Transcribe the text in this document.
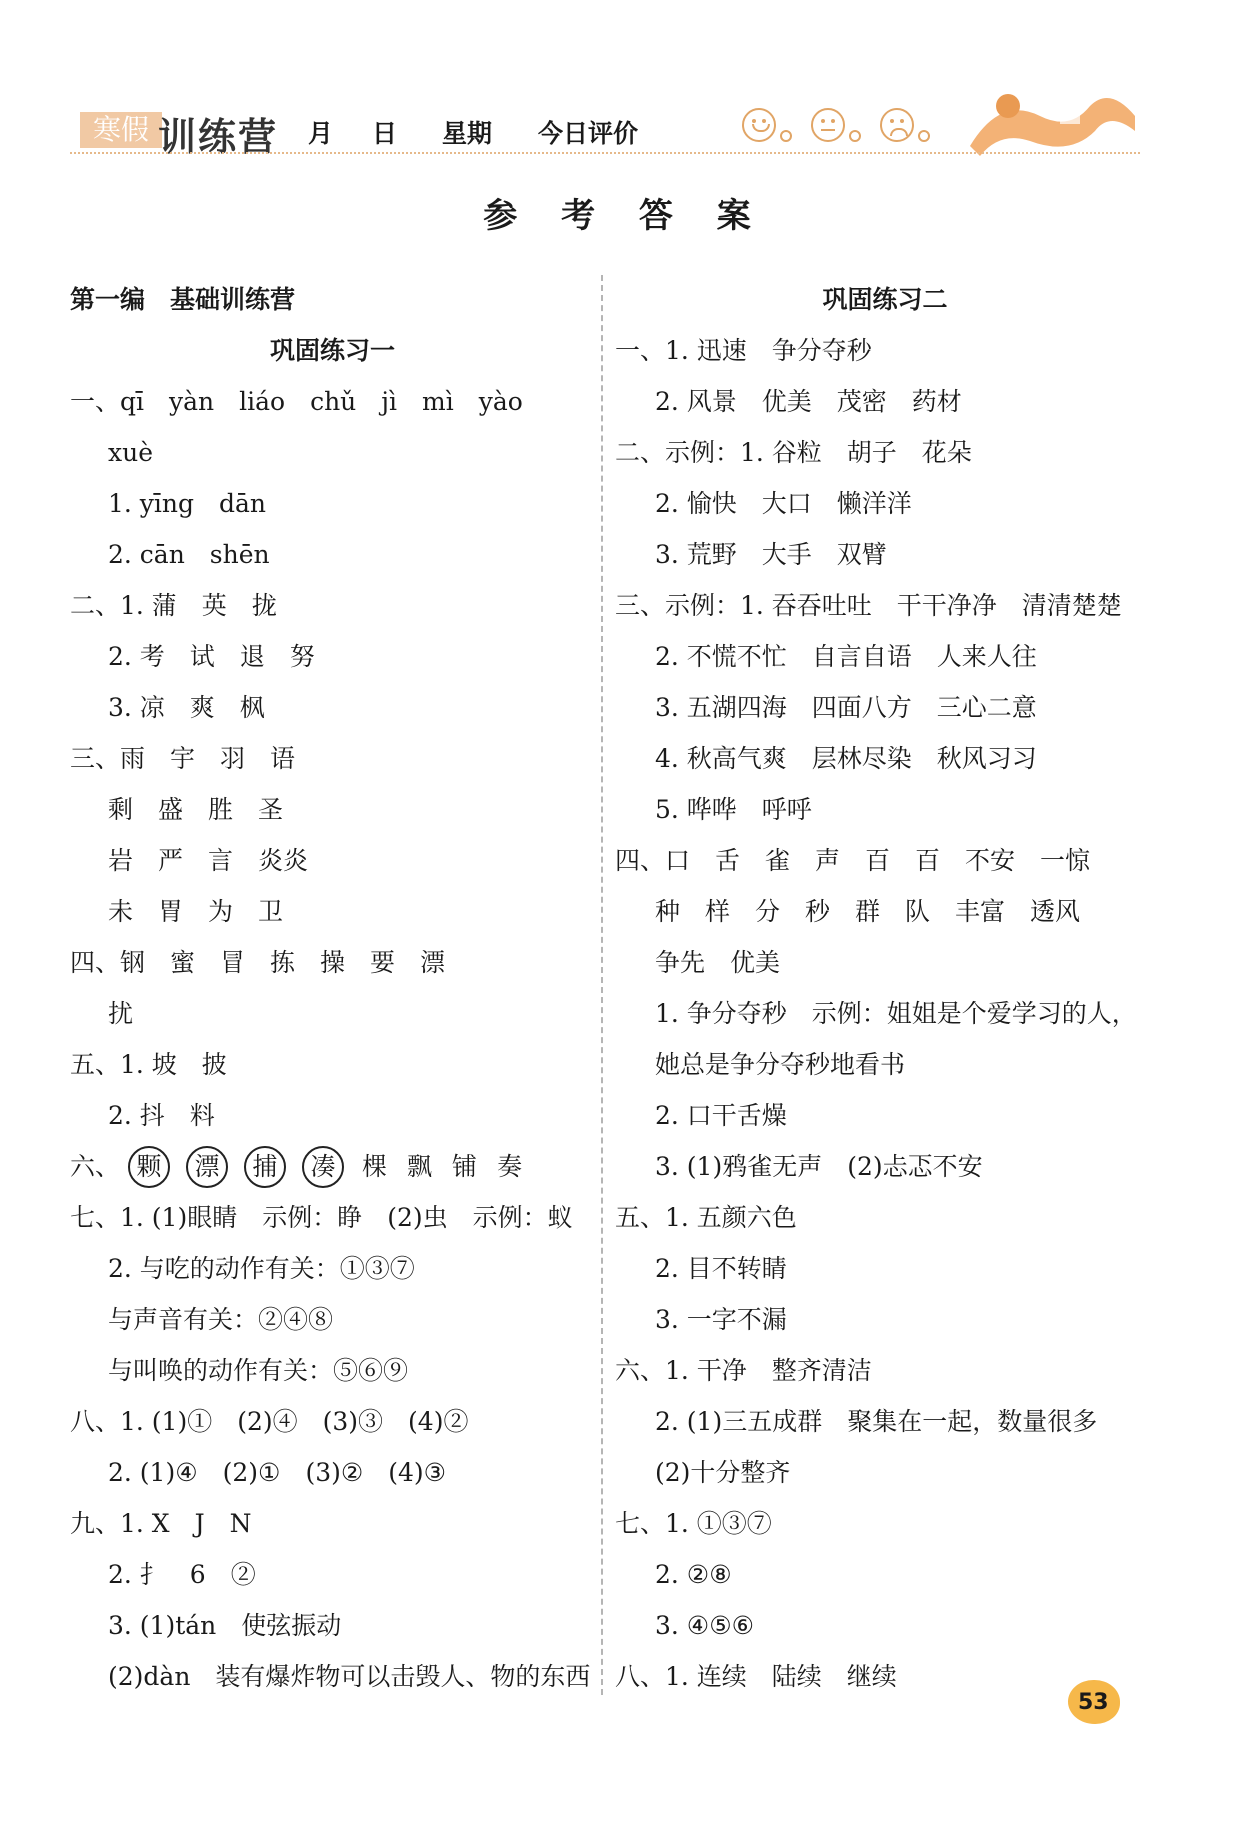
寒假 训练营 月 日 星期 今日评价

参 考 答 案
第一编　基础训练营
巩固练习一
一、qī　yàn　liáo　chǔ　jì　mì　yào
xuè
1. yīng　dān
2. cān　shēn
二、1. 蒲　英　拢
2. 考　试　退　努
3. 凉　爽　枫
三、雨　宇　羽　语
剩　盛　胜　圣
岩　严　言　炎炎
未　胃　为　卫
四、钢　蜜　冒　拣　操　要　漂
扰
五、1. 坡　披
2. 抖　料
六、 颗 漂 捕 凑 棵 飘 铺 奏
七、1. (1)眼睛　示例：睁　(2)虫　示例：蚁
2. 与吃的动作有关：①③⑦
与声音有关：②④⑧
与叫唤的动作有关：⑤⑥⑨
八、1. (1)①　(2)④　(3)③　(4)②
2. (1)④　(2)①　(3)②　(4)③
九、1. X　J　N
2. 扌　6　②
3. (1)tán　使弦振动
(2)dàn　装有爆炸物可以击毁人、物的东西
巩固练习二
一、1. 迅速　争分夺秒
2. 风景　优美　茂密　药材
二、示例：1. 谷粒　胡子　花朵
2. 愉快　大口　懒洋洋
3. 荒野　大手　双臂
三、示例：1. 吞吞吐吐　干干净净　清清楚楚
2. 不慌不忙　自言自语　人来人往
3. 五湖四海　四面八方　三心二意
4. 秋高气爽　层林尽染　秋风习习
5. 哗哗　呼呼
四、口　舌　雀　声　百　百　不安　一惊
种　样　分　秒　群　队　丰富　透风
争先　优美
1. 争分夺秒　示例：姐姐是个爱学习的人，
她总是争分夺秒地看书
2. 口干舌燥
3. (1)鸦雀无声　(2)忐忑不安
五、1. 五颜六色
2. 目不转睛
3. 一字不漏
六、1. 干净　整齐清洁
2. (1)三五成群　聚集在一起，数量很多
(2)十分整齐
七、1. ①③⑦
2. ②⑧
3. ④⑤⑥
八、1. 连续　陆续　继续
53
